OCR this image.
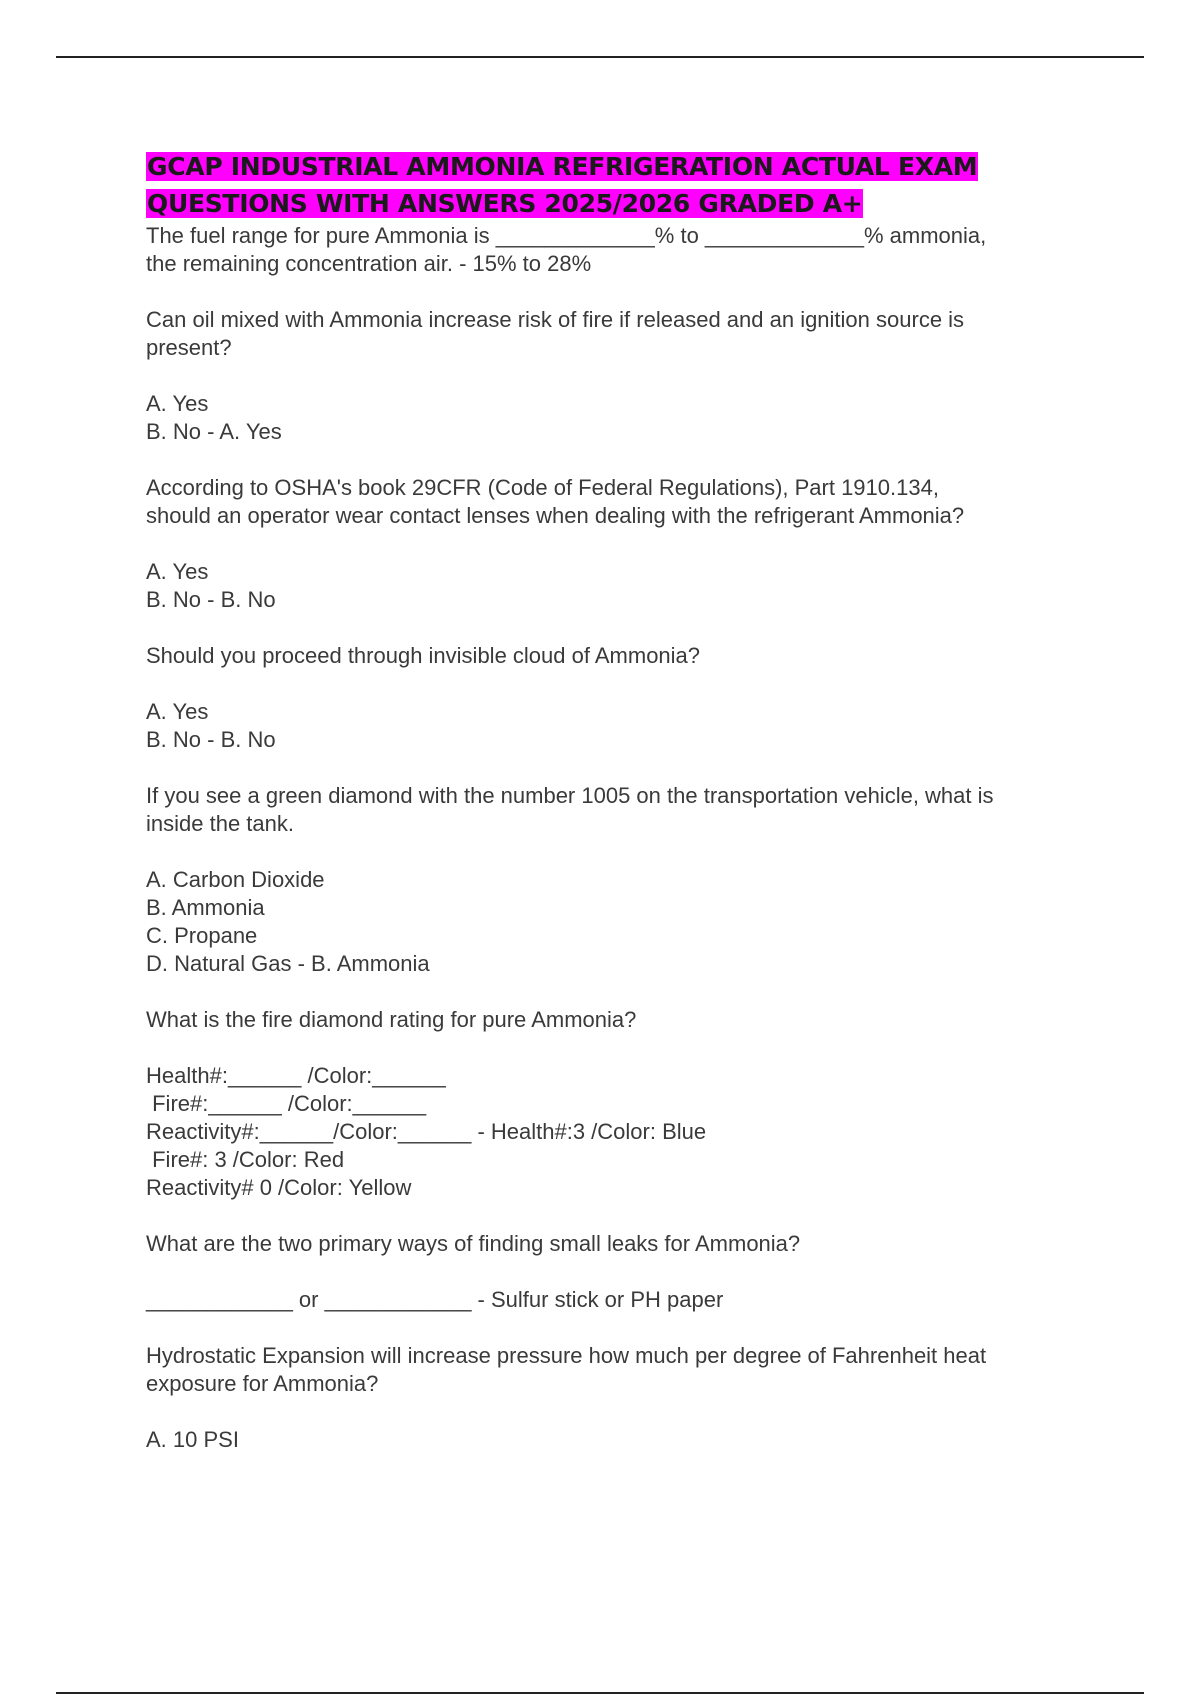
GCAP INDUSTRIAL AMMONIA REFRIGERATION ACTUAL EXAM
QUESTIONS WITH ANSWERS 2025/2026 GRADED A+

The fuel range for pure Ammonia is _____________% to _____________% ammonia,

the remaining concentration air. - 15% to 28%

Can oil mixed with Ammonia increase risk of fire if released and an ignition source is

present?

A. Yes

B. No - A. Yes

According to OSHA's book 29CFR (Code of Federal Regulations), Part 1910.134,

should an operator wear contact lenses when dealing with the refrigerant Ammonia?

A. Yes

B. No - B. No

Should you proceed through invisible cloud of Ammonia?

A. Yes

B. No - B. No

If you see a green diamond with the number 1005 on the transportation vehicle, what is

inside the tank.

A. Carbon Dioxide

B. Ammonia

C. Propane

D. Natural Gas - B. Ammonia

What is the fire diamond rating for pure Ammonia?

Health#:______ /Color:______

Fire#:______ /Color:______

Reactivity#:______/Color:______ - Health#:3 /Color: Blue

Fire#: 3 /Color: Red

Reactivity# 0 /Color: Yellow

What are the two primary ways of finding small leaks for Ammonia?

____________ or ____________ - Sulfur stick or PH paper

Hydrostatic Expansion will increase pressure how much per degree of Fahrenheit heat

exposure for Ammonia?

A. 10 PSI
